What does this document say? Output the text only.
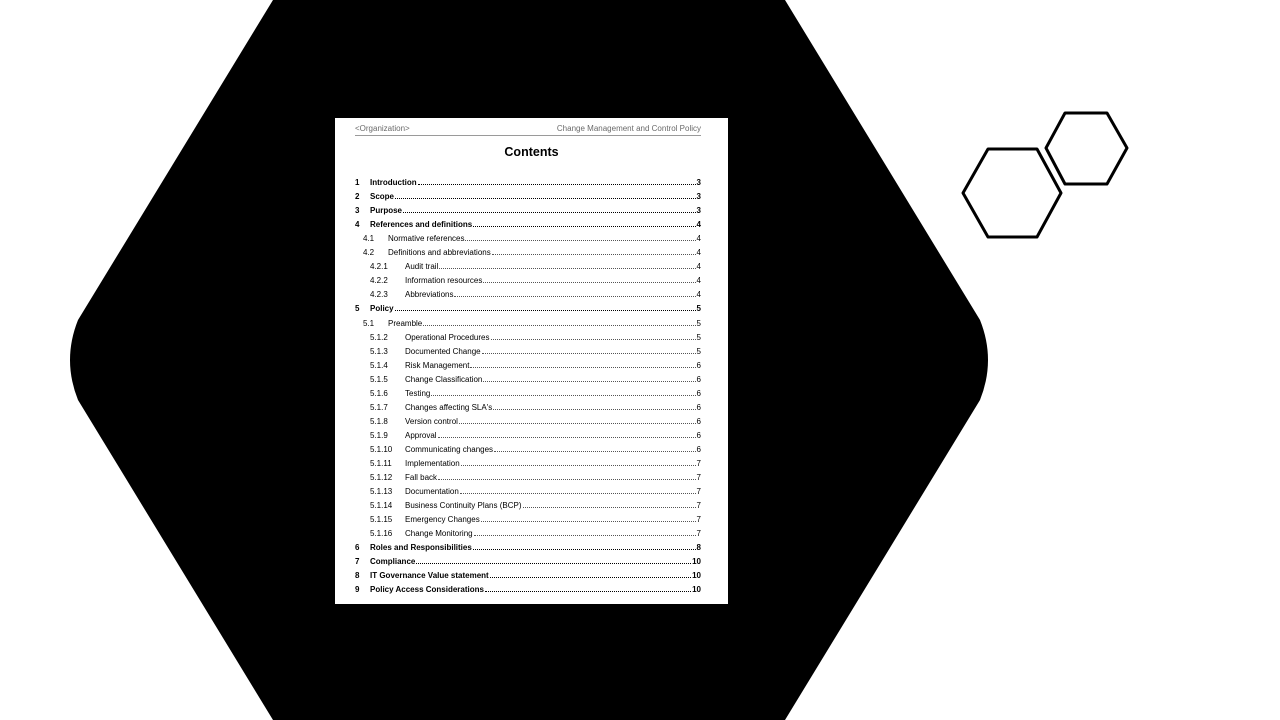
<Organization>	Change Management and Control Policy
Contents
1 Introduction	3
2 Scope	3
3 Purpose	3
4 References and definitions	4
4.1 Normative references	4
4.2 Definitions and abbreviations	4
4.2.1 Audit trail	4
4.2.2 Information resources	4
4.2.3 Abbreviations	4
5 Policy	5
5.1 Preamble	5
5.1.2 Operational Procedures	5
5.1.3 Documented Change	5
5.1.4 Risk Management	6
5.1.5 Change Classification	6
5.1.6 Testing	6
5.1.7 Changes affecting SLA's	6
5.1.8 Version control	6
5.1.9 Approval	6
5.1.10 Communicating changes	6
5.1.11 Implementation	7
5.1.12 Fall back	7
5.1.13 Documentation	7
5.1.14 Business Continuity Plans (BCP)	7
5.1.15 Emergency Changes	7
5.1.16 Change Monitoring	7
6 Roles and Responsibilities	8
7 Compliance	10
8 IT Governance Value statement	10
9 Policy Access Considerations	10
